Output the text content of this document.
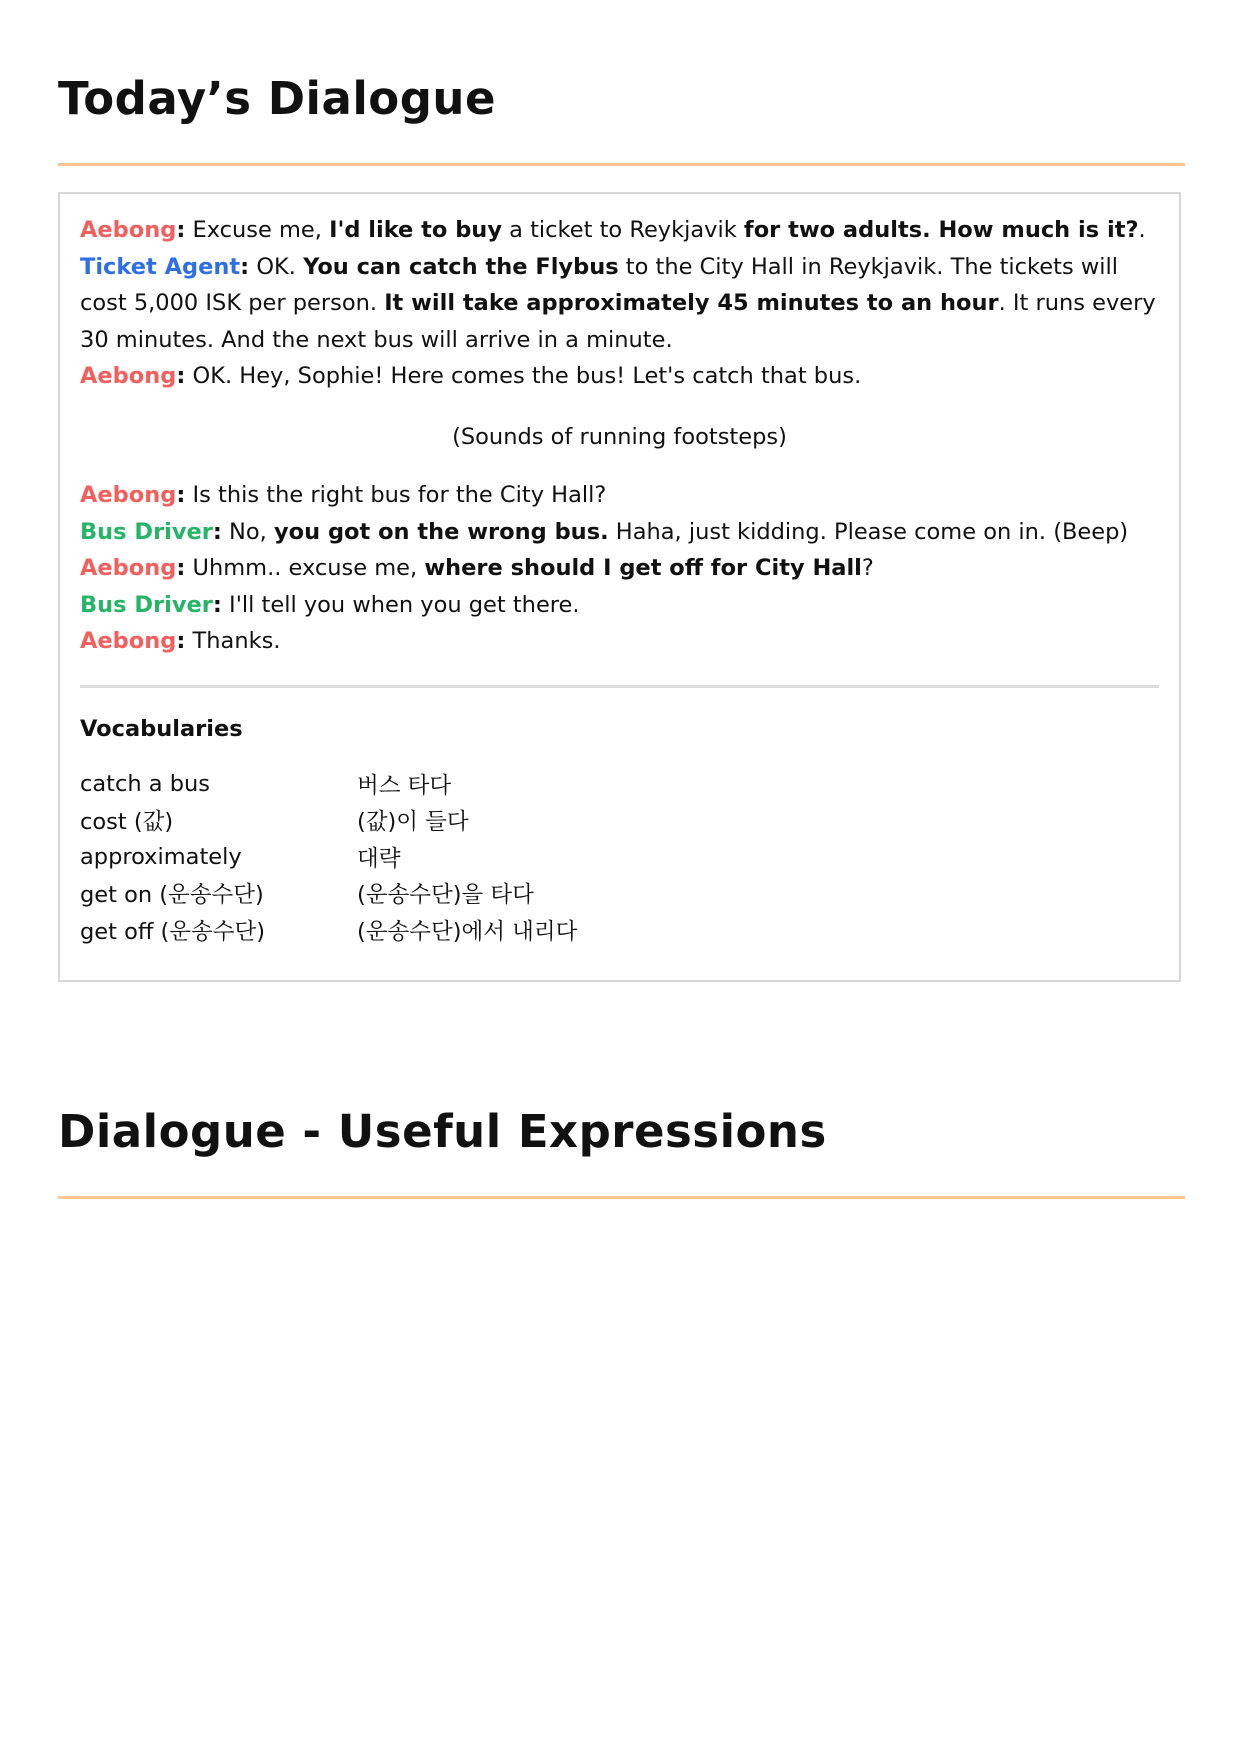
Today’s Dialogue

Aebong: Excuse me, I'd like to buy a ticket to Reykjavik for two adults. How much is it?.

Ticket Agent: OK. You can catch the Flybus to the City Hall in Reykjavik. The tickets will cost 5,000 ISK per person. It will take approximately 45 minutes to an hour. It runs every 30 minutes. And the next bus will arrive in a minute.

Aebong: OK. Hey, Sophie! Here comes the bus! Let's catch that bus.

(Sounds of running footsteps)

Aebong: Is this the right bus for the City Hall?

Bus Driver: No, you got on the wrong bus. Haha, just kidding. Please come on in. (Beep)

Aebong: Uhmm.. excuse me, where should I get off for City Hall?

Bus Driver: I'll tell you when you get there.

Aebong: Thanks.

Vocabularies
catch a bus	버스 타다
cost (값)	(값)이 들다
approximately	대략
get on (운송수단)	(운송수단)을 타다
get off (운송수단)	(운송수단)에서 내리다
Dialogue - Useful Expressions
